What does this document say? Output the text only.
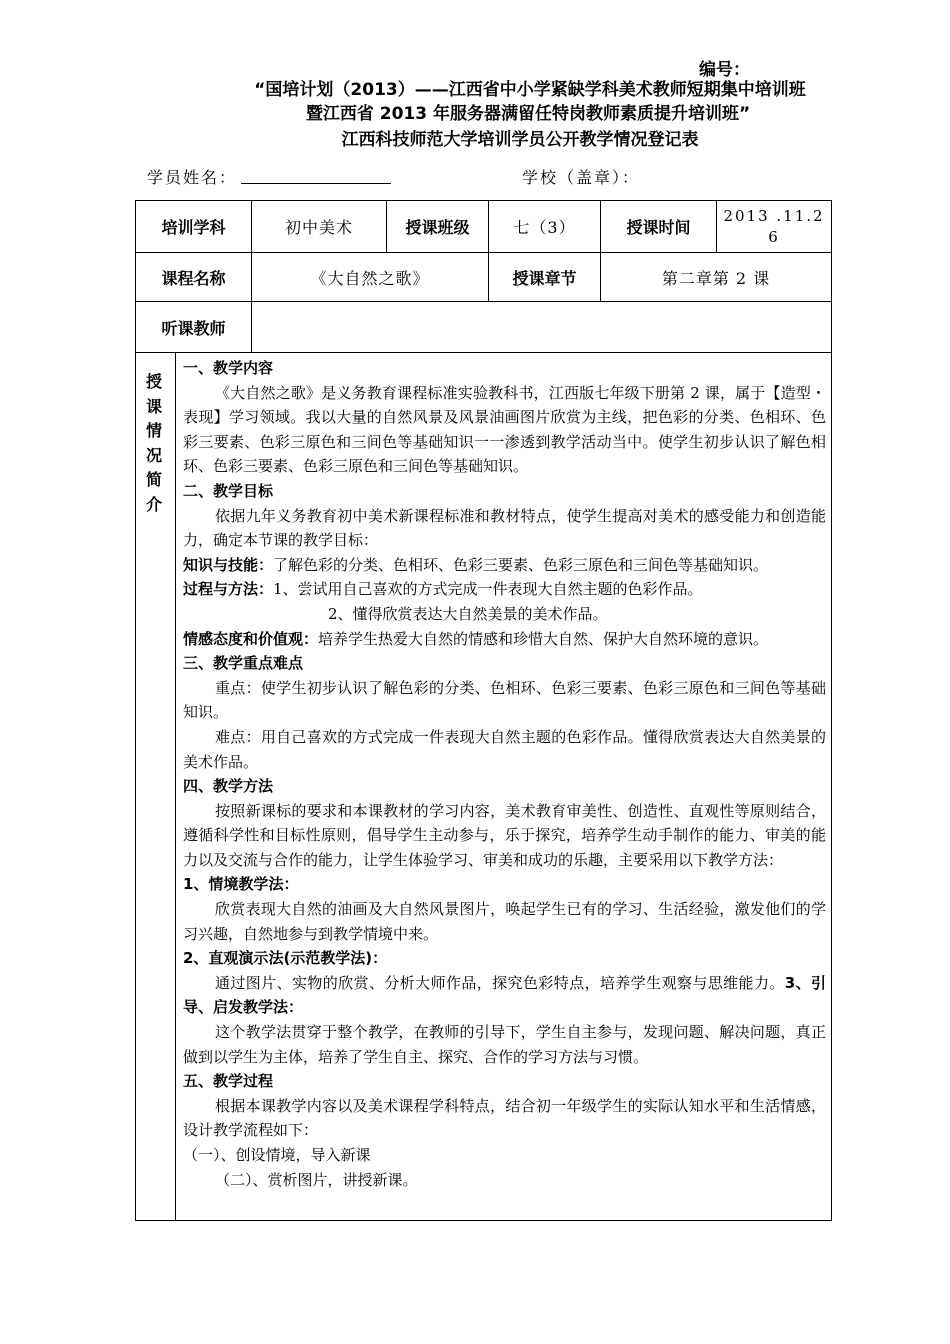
编号：
“国培计划（2013）——江西省中小学紧缺学科美术教师短期集中培训班
暨江西省 2013 年服务器满留任特岗教师素质提升培训班”
江西科技师范大学培训学员公开教学情况登记表
学员姓名：	学校（盖章）：
培训学科	初中美术	授课班级	七（3）	授课时间
2013 .11.2
6
课程名称	《大自然之歌》	授课章节	第二章第 2 课
听课教师
授
课
情
况
简
介

一、教学内容

《大自然之歌》是义务教育课程标准实验教科书，江西版七年级下册第 2 课，属于【造型・表现】学习领域。我以大量的自然风景及风景油画图片欣赏为主线，把色彩的分类、色相环、色彩三要素、色彩三原色和三间色等基础知识一一渗透到教学活动当中。使学生初步认识了解色相环、色彩三要素、色彩三原色和三间色等基础知识。

二、教学目标

依据九年义务教育初中美术新课程标准和教材特点，使学生提高对美术的感受能力和创造能力，确定本节课的教学目标：

知识与技能：了解色彩的分类、色相环、色彩三要素、色彩三原色和三间色等基础知识。

过程与方法：1、尝试用自己喜欢的方式完成一件表现大自然主题的色彩作品。

2、懂得欣赏表达大自然美景的美术作品。

情感态度和价值观：培养学生热爱大自然的情感和珍惜大自然、保护大自然环境的意识。

三、教学重点难点

重点：使学生初步认识了解色彩的分类、色相环、色彩三要素、色彩三原色和三间色等基础知识。

难点：用自己喜欢的方式完成一件表现大自然主题的色彩作品。懂得欣赏表达大自然美景的美术作品。

四、教学方法

按照新课标的要求和本课教材的学习内容，美术教育审美性、创造性、直观性等原则结合，遵循科学性和目标性原则，倡导学生主动参与，乐于探究，培养学生动手制作的能力、审美的能力以及交流与合作的能力，让学生体验学习、审美和成功的乐趣，主要采用以下教学方法：

1、情境教学法：

欣赏表现大自然的油画及大自然风景图片，唤起学生已有的学习、生活经验，激发他们的学习兴趣，自然地参与到教学情境中来。

2、直观演示法(示范教学法)：

通过图片、实物的欣赏、分析大师作品，探究色彩特点，培养学生观察与思维能力。3、引导、启发教学法：

这个教学法贯穿于整个教学，在教师的引导下，学生自主参与，发现问题、解决问题，真正做到以学生为主体，培养了学生自主、探究、合作的学习方法与习惯。

五、教学过程

根据本课教学内容以及美术课程学科特点，结合初一年级学生的实际认知水平和生活情感，设计教学流程如下：

（一）、创设情境，导入新课

（二）、赏析图片，讲授新课。
